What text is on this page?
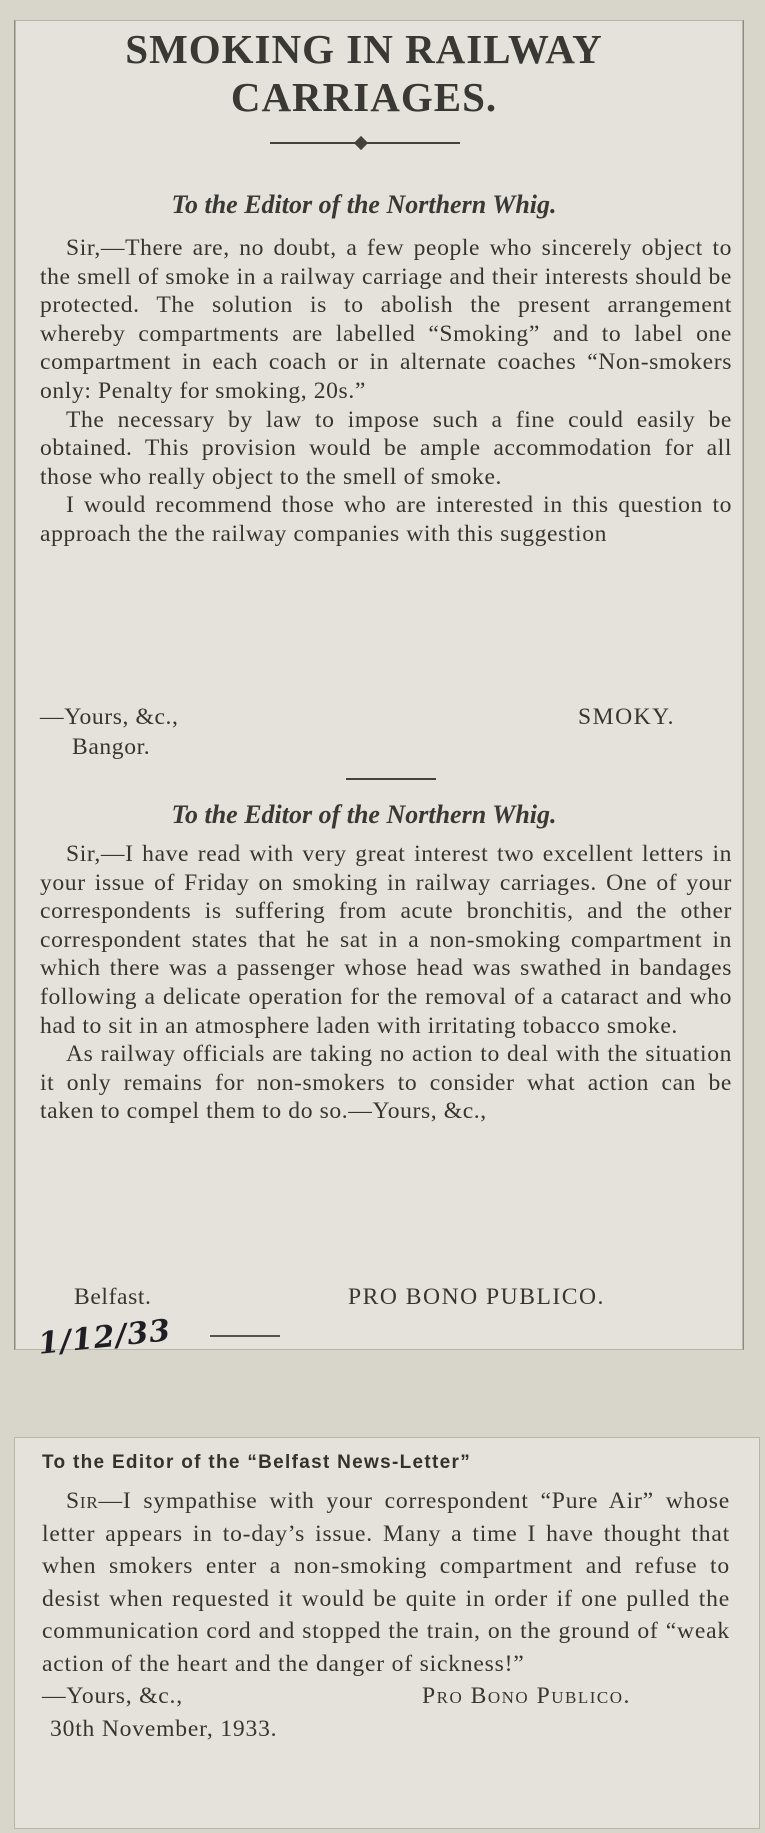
SMOKING IN RAILWAY
CARRIAGES.

To the Editor of the Northern Whig.

Sir,—There are, no doubt, a few people who sincerely object to the smell of smoke in a railway carriage and their interests should be protected. The solution is to abolish the present arrangement whereby compartments are labelled “Smoking” and to label one compartment in each coach or in alternate coaches “Non-smokers only: Penalty for smoking, 20s.”
The necessary by law to impose such a fine could easily be obtained. This provision would be ample accommodation for all those who really object to the smell of smoke.
I would recommend those who are interested in this question to approach the the railway companies with this suggestion

—Yours, &c.,	SMOKY.
Bangor.

To the Editor of the Northern Whig.

Sir,—I have read with very great interest two excellent letters in your issue of Friday on smoking in railway carriages. One of your correspondents is suffering from acute bronchitis, and the other correspondent states that he sat in a non-smoking compartment in which there was a passenger whose head was swathed in bandages following a delicate operation for the removal of a cataract and who had to sit in an atmosphere laden with irritating tobacco smoke.
As railway officials are taking no action to deal with the situation it only remains for non-smokers to consider what action can be taken to compel them to do so.—Yours, &c.,

Belfast.	PRO BONO PUBLICO.
1/12/33

To the Editor of the “Belfast News-Letter”

Sir—I sympathise with your correspondent “Pure Air” whose letter appears in to-day’s issue. Many a time I have thought that when smokers enter a non-smoking compartment and refuse to desist when requested it would be quite in order if one pulled the communication cord and stopped the train, on the ground of “weak action of the heart and the danger of sickness!”
—Yours, &c.,	Pro Bono Publico.
30th November, 1933.
